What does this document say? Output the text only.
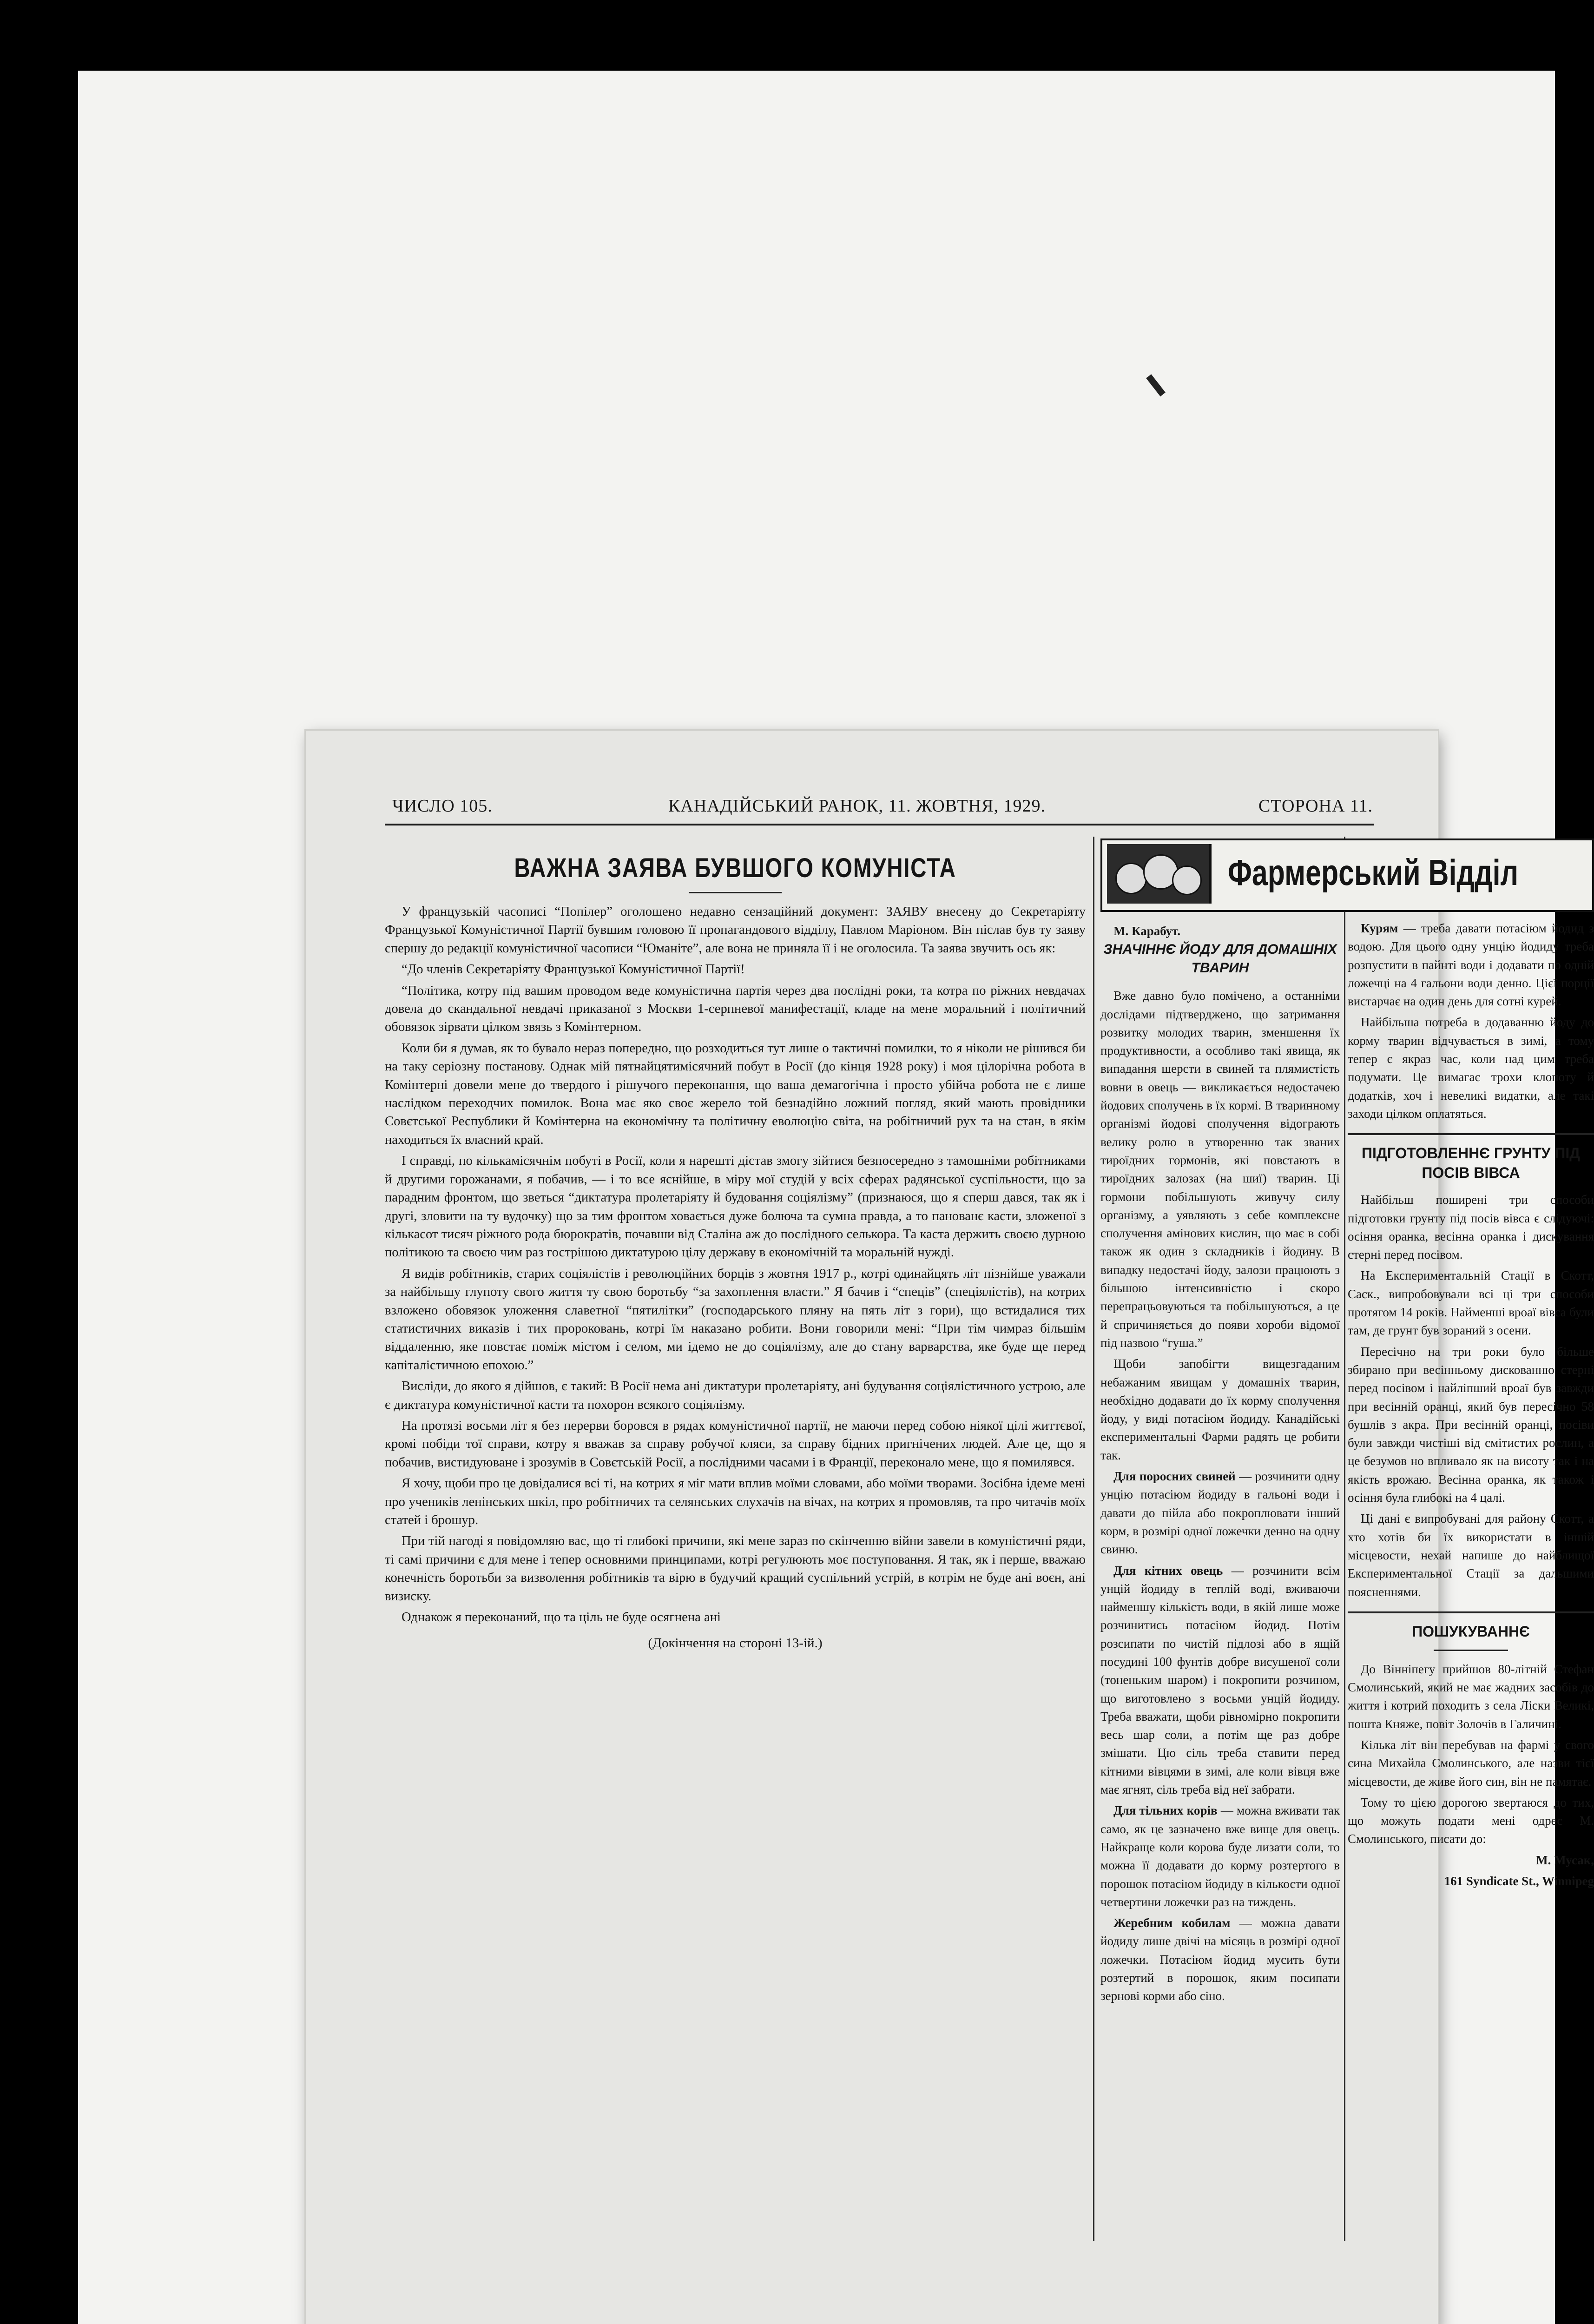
ЧИСЛО 105.	КАНАДІЙСЬКИЙ РАНОК, 11. ЖОВТНЯ, 1929.	СТОРОНА 11.
ВАЖНА ЗАЯВА БУВШОГО КОМУНІСТА

У французькій часописі “Попілер” оголошено недавно сензаційний документ: ЗАЯВУ внесену до Секретаріяту Французької Комуністичної Партії бувшим головою її пропагандового відділу, Павлом Маріоном. Він післав був ту заяву спершу до редакції комуністичної часописи “Юманіте”, але вона не приняла її і не оголосила. Та заява звучить ось як:

“До членів Секретаріяту Французької Комуністичної Партії!

“Політика, котру під вашим проводом веде комуністична партія через два послідні роки, та котра по ріжних невдачах довела до скандальної невдачі приказаної з Москви 1-серпневої манифестації, кладе на мене моральний і політичний обовязок зірвати цілком звязь з Комінтерном.

Коли би я думав, як то бувало нераз попередно, що розходиться тут лише о тактичні помилки, то я ніколи не рішився би на таку серіозну постанову. Однак мій пятнайцятимісячний побут в Росії (до кінця 1928 року) і моя цілорічна робота в Комінтерні довели мене до твердого і рішучого переконання, що ваша демагогічна і просто убійча робота не є лише наслідком переходчих помилок. Вона має яко своє жерело той безнадійно ложний погляд, який мають провідники Совєтської Республики й Комінтерна на економічну та політичну еволюцію світа, на робітничий рух та на стан, в якім находиться їх власний край.

І справді, по кількамісячнім побуті в Росії, коли я нарешті дістав змогу зійтися безпосередно з тамошніми робітниками й другими горожанами, я побачив, — і то все яснійше, в міру мої студій у всіх сферах радянської суспільности, що за парадним фронтом, що зветься “диктатура пролетаріяту й будовання соціялізму” (признаюся, що я сперш дався, так як і другі, зловити на ту вудочку) що за тим фронтом ховається дуже болюча та сумна правда, а то панованє касти, зложеної з кількасот тисяч ріжного рода бюрократів, почавши від Сталіна аж до послідного селькора. Та каста держить своєю дурною політикою та своєю чим раз гострішою диктатурою цілу державу в економічній та моральній нужді.

Я видів робітників, старих соціялістів і революційних борців з жовтня 1917 р., котрі одинайцять літ пізнійше уважали за найбільшу глупоту свого життя ту свою боротьбу “за захоплення власти.” Я бачив і “спеців” (спеціялістів), на котрих взложено обовязок уложення славетної “пятилітки” (господарського пляну на пять літ з гори), що встидалися тих статистичних виказів і тих пророковань, котрі їм наказано робити. Вони говорили мені: “При тім чимраз більшім віддаленню, яке повстає поміж містом і селом, ми ідемо не до соціялізму, але до стану варварства, яке буде ще перед капіталістичною епохою.”

Висліди, до якого я дійшов, є такий: В Росії нема ані диктатури пролетаріяту, ані будування соціялістичного устрою, але є диктатура комуністичної касти та похорон всякого соціялізму.

На протязі восьми літ я без перерви боровся в рядах комуністичної партії, не маючи перед собою ніякої цілі життєвої, кромі побіди тої справи, котру я вважав за справу робучої кляси, за справу бідних пригнічених людей. Але це, що я побачив, вистидуюване і зрозумів в Совєтській Росії, а послідними часами і в Франції, переконало мене, що я помилявся.

Я хочу, щоби про це довідалися всі ті, на котрих я міг мати вплив моїми словами, або моїми творами. Зосібна ідеме мені про учеників ленінських шкіл, про робітничих та селянських слухачів на вічах, на котрих я промовляв, та про читачів моїх статей і брошур.

При тій нагоді я повідомляю вас, що ті глибокі причини, які мене зараз по скінченню війни завели в комуністичні ряди, ті самі причини є для мене і тепер основними принципами, котрі регулюють моє поступовання. Я так, як і перше, вважаю конечність боротьби за визволення робітників та вірю в будучий кращий суспільний устрій, в котрім не буде ані воєн, ані визиску.

Однакож я переконаний, що та ціль не буде осягнена ані

(Докінчення на стороні 13-ій.)
Фармерський Відділ

М. Карабут.

ЗНАЧІННЄ ЙОДУ ДЛЯ ДОМАШНІХ ТВАРИН

Вже давно було помічено, а останніми дослідами підтверджено, що затримання розвитку молодих тварин, зменшення їх продуктивности, а особливо такі явища, як випадання шерсти в свиней та плямистість вовни в овець — викликається недостачею йодових сполучень в їх кормі. В тваринному організмі йодові сполучення відограють велику ролю в утворенню так званих тироїдних гормонів, які повстають в тироїдних залозах (на шиї) тварин. Ці гормони побільшують живучу силу організму, а уявляють з себе комплексне сполучення амінових кислин, що має в собі також як один з складників і йодину. В випадку недостачі йоду, залози працюють з більшою інтенсивністю і скоро перепрацьовуються та побільшуються, а це й спричиняється до появи хороби відомої під назвою “гуша.”

Щоби запобігти вищезгаданим небажаним явищам у домашніх тварин, необхідно додавати до їх корму сполучення йоду, у виді потасіюм йодиду. Канадійські експериментальні Фарми радять це робити так.

Для поросних свиней — розчинити одну унцію потасіюм йодиду в гальоні води і давати до пійла або покроплювати інший корм, в розмірі одної ложечки денно на одну свиню.

Для кітних овець — розчинити всім унцій йодиду в теплій воді, вживаючи найменшу кількість води, в якій лише може розчинитись потасіюм йодид. Потім розсипати по чистій підлозі або в ящій посудині 100 фунтів добре висушеної соли (тоненьким шаром) і покропити розчином, що виготовлено з восьми унцій йодиду. Треба вважати, щоби рівномірно покропити весь шар соли, а потім ще раз добре змішати. Цю сіль треба ставити перед кітними вівцями в зимі, але коли вівця вже має ягнят, сіль треба від неї забрати.

Для тільних корів — можна вживати так само, як це зазначено вже вище для овець. Найкраще коли корова буде лизати соли, то можна її додавати до корму розтертого в порошок потасіюм йодиду в кількости одної четвертини ложечки раз на тиждень.

Жеребним кобилам — можна давати йодиду лише двічі на місяць в розмірі одної ложечки. Потасіюм йодид мусить бути розтертий в порошок, яким посипати зернові корми або сіно.

Курям — треба давати потасіюм йодид з водою. Для цього одну унцію йодиду треба розпустити в пайнті води і додавати по одній ложечці на 4 гальони води денно. Цієї порції вистарчає на один день для сотні курей.

Найбільша потреба в додаванню йоду до корму тварин відчувається в зимі, а тому тепер є якраз час, коли над цим треба подумати. Це вимагає трохи клопоту й додатків, хоч і невеликі видатки, але такі заходи цілком оплатяться.

ПІДГОТОВЛЕННЄ ГРУНТУ ПІД ПОСІВ ВІВСА

Найбільш поширені три способи підготовки грунту під посів вівса є слідуючі: осіння оранка, весінна оранка і дискування стерні перед посівом.

На Експериментальній Стації в Скотт, Саск., випробовували всі ці три способи протягом 14 років. Найменші вроаї вівса були там, де грунт був зораний з осени.

Пересічно на три роки було більше збирано при весінньому дискованню стерні перед посівом і найліпший вроаї був завжди при весінній оранці, який був пересічно 58 бушлів з акра. При весінній оранці, посіви були завжди чистіші від смітистих рослин, а це безумов но впливало як на висоту так і на якість врожаю. Весінна оранка, як також і осіння була глибокі на 4 цалі.

Ці дані є випробувані для району Скотт, а хто хотів би їх використати в іншій місцевости, нехай напише до найблищої Експериментальної Стації за дальшими поясненнями.

ПОШУКУВАННЄ

До Вінніпегу прийшов 80-літній Стефан Смолинський, який не має жадних засобів до життя і котрий походить з села Ліски Великі, пошта Княже, повіт Золочів в Галичині.

Кілька літ він перебував на фармі у свого сина Михайла Смолинського, але назви тієї місцевости, де живе його син, він не памятає.

Тому то цією дорогою звертаюся до тих, що можуть подати мені одрес М. Смолинського, писати до:

М. Мусак,

161 Syndicate St., Winnipeg
